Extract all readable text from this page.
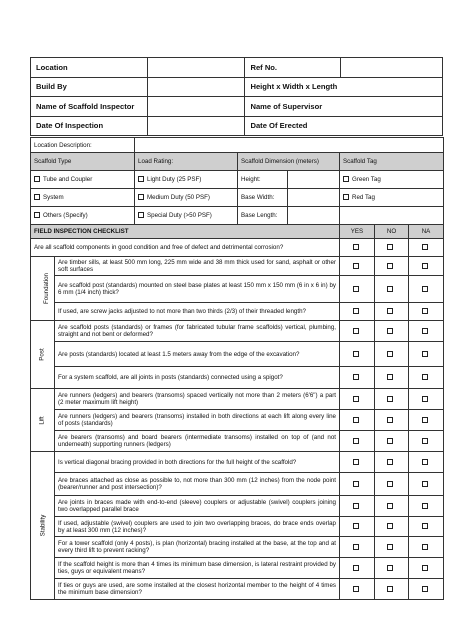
Location		Ref No.	
Build By		Height x Width x Length	
Name of Scaffold Inspector		Name of Supervisor	
Date Of Inspection		Date Of Erected	
Location Description:							
Scaffold Type		Load Rating:	Scaffold Dimension (meters)		Scaffold Tag		
Tube and Coupler		Light Duty (25 PSF)	Height:		Green Tag		
System		Medium Duty (50 PSF)	Base Width:		Red Tag		
Others (Specify)		Special Duty (>50 PSF)	Base Length:				
FIELD INSPECTION CHECKLIST					YES	NO	NA
Are all scaffold components in good condition and free of defect and detrimental corrosion?							
Foundation	Are timber sills, at least 500 mm long, 225 mm wide and 38 mm thick used for sand, asphalt or other soft surfaces						
	Are scaffold post (standards) mounted on steel base plates at least 150 mm x 150 mm (6 in x 6 in) by 6 mm (1/4 inch) thick?						
	If used, are screw jacks adjusted to not more than two thirds (2/3) of their threaded length?						
Post	Are scaffold posts (standards) or frames (for fabricated tubular frame scaffolds) vertical, plumbing, straight and not bent or deformed?						
	Are posts (standards) located at least 1.5 meters away from the edge of the excavation?						
	For a system scaffold, are all joints in posts (standards) connected using a spigot?						
Lift	Are runners (ledgers) and bearers (transoms) spaced vertically not more than 2 meters (6'6") a part (2 meter maximum lift height)						
	Are runners (ledgers) and bearers (transoms) installed in both directions at each lift along every line of posts (standards)						
	Are bearers (transoms) and board bearers (intermediate transoms) installed on top of (and not underneath) supporting runners (ledgers)						
Stability	Is vertical diagonal bracing provided in both directions for the full height of the scaffold?						
	Are braces attached as close as possible to, not more than 300 mm (12 inches) from the node point (bearer/runner and post intersection)?						
	Are joints in braces made with end-to-end (sleeve) couplers or adjustable (swivel) couplers joining two overlapped parallel brace						
	If used, adjustable (swivel) couplers are used to join two overlapping braces, do brace ends overlap by at least 300 mm (12 inches)?						
	For a tower scaffold (only 4 posts), is plan (horizontal) bracing installed at the base, at the top and at every third lift to prevent racking?						
	If the scaffold height is more than 4 times its minimum base dimension, is lateral restraint provided by ties, guys or equivalent means?						
	If ties or guys are used, are some installed at the closest horizontal member to the height of 4 times the minimum base dimension?						
